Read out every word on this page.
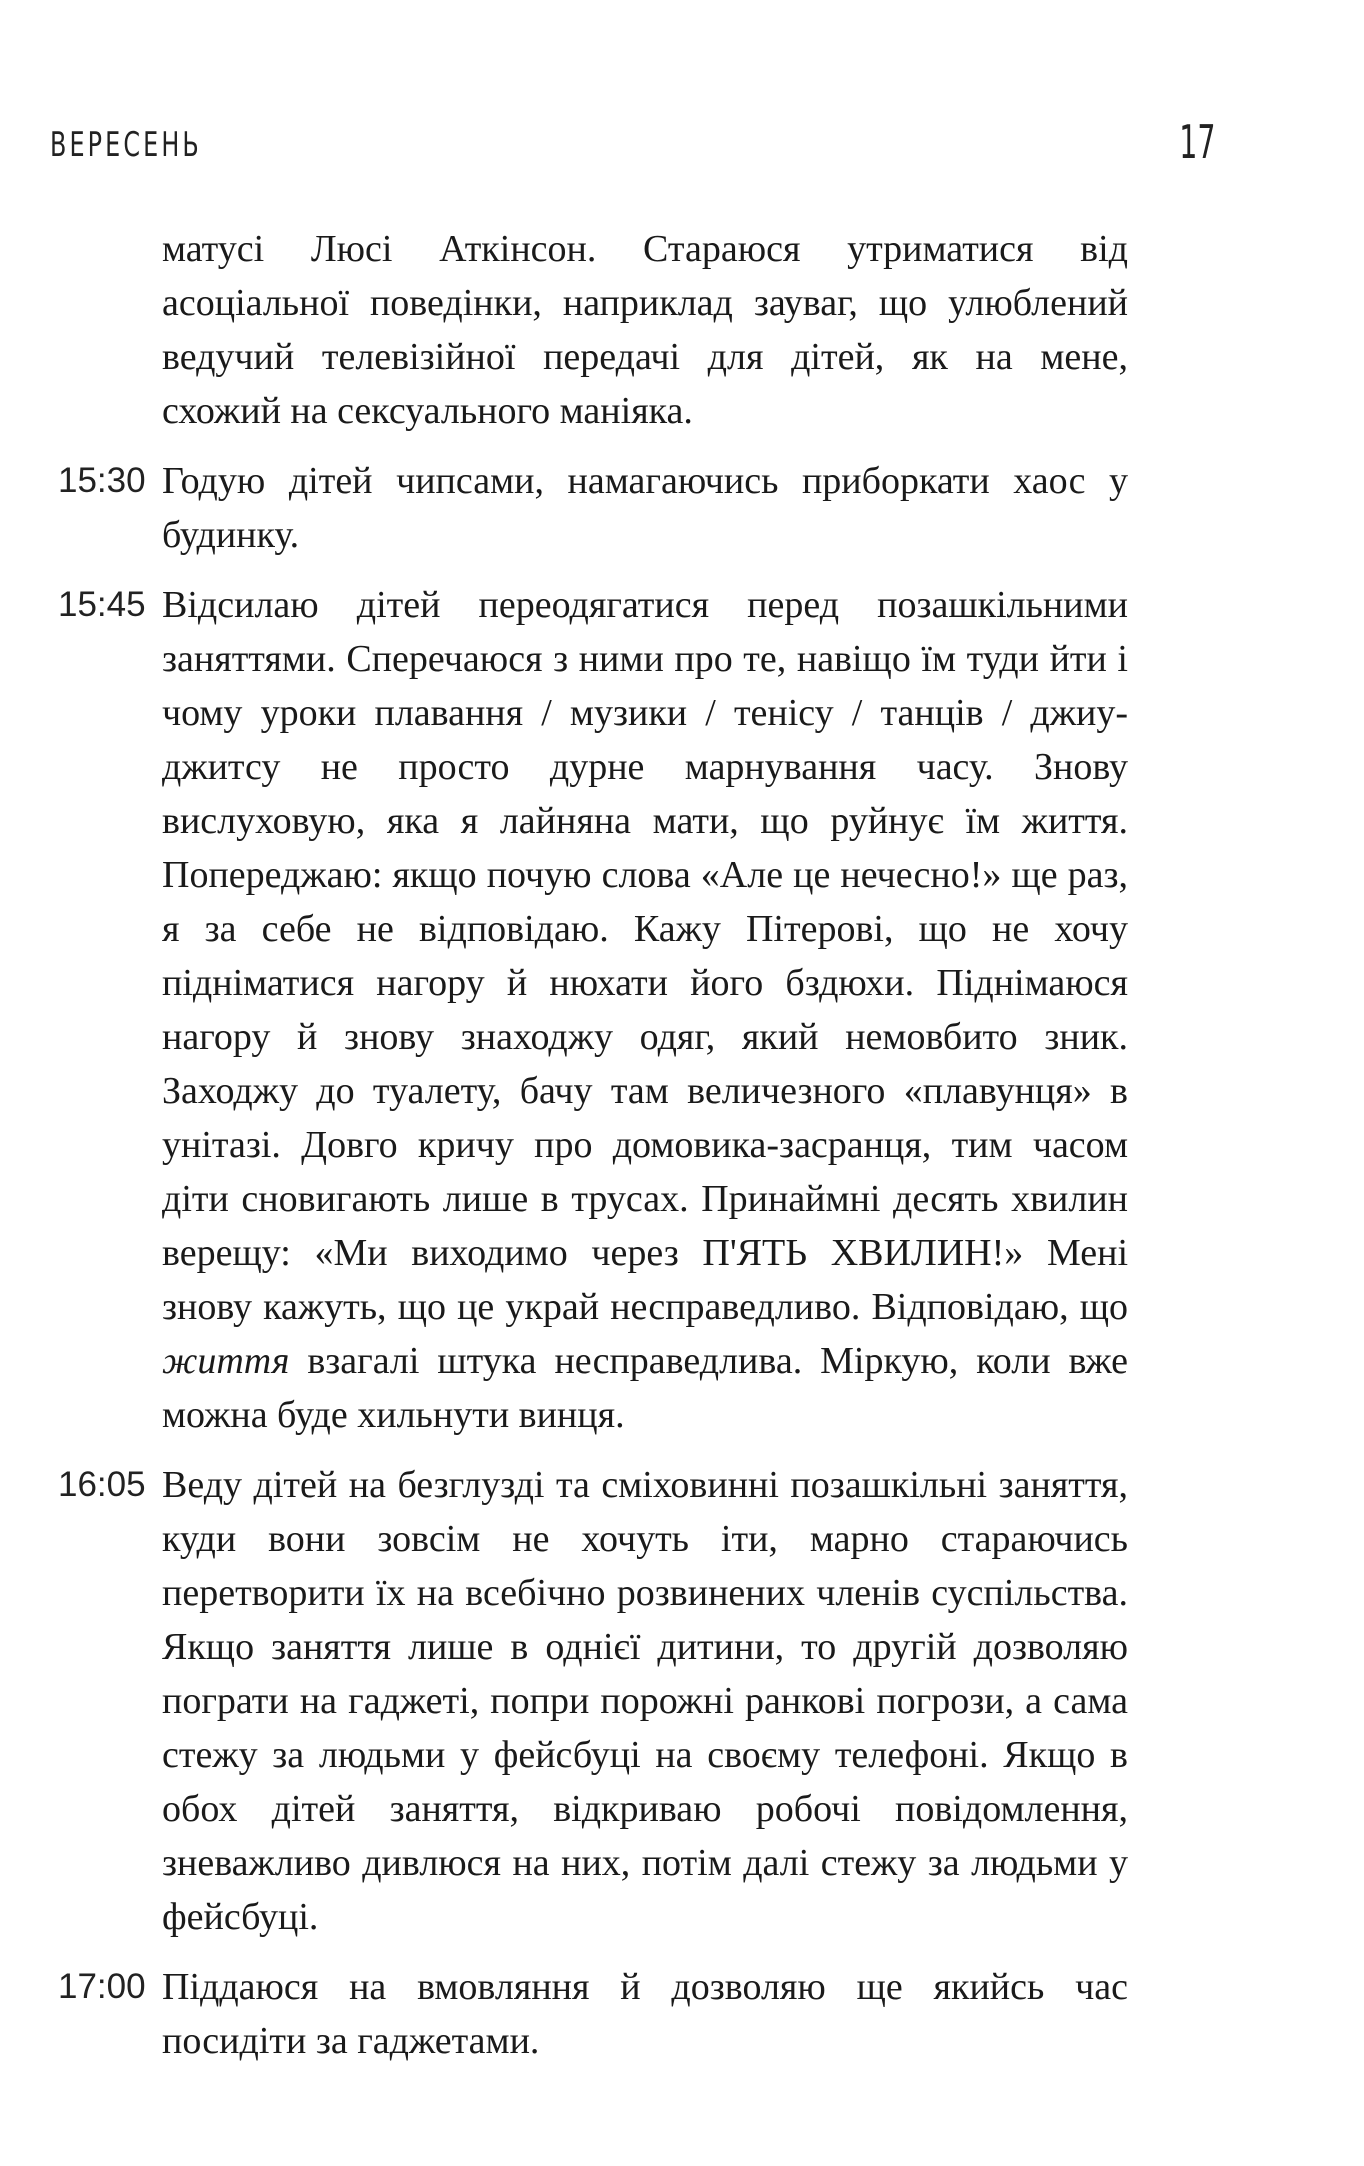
ВЕРЕСЕНЬ	17

матусі Люсі Аткінсон. Стараюся утриматися від асоціальної поведінки, наприклад зауваг, що улюблений ведучий телевізійної передачі для дітей, як на мене, схожий на сексуального маніяка.

15:30 Годую дітей чипсами, намагаючись приборкати хаос у будинку.

15:45 Відсилаю дітей переодягатися перед позашкільними заняттями. Сперечаюся з ними про те, навіщо їм туди йти і чому уроки плавання / музики / тенісу / танців / джиу-джитсу не просто дурне марнування часу. Знову вислуховую, яка я лайняна мати, що руйнує їм життя. Попереджаю: якщо почую слова «Але це нечесно!» ще раз, я за себе не відповідаю. Кажу Пітерові, що не хочу підніматися нагору й нюхати його бздюхи. Піднімаюся нагору й знову знаходжу одяг, який немовбито зник. Заходжу до туалету, бачу там величезного «плавунця» в унітазі. Довго кричу про домовика-засранця, тим часом діти сновигають лише в трусах. Принаймні десять хвилин верещу: «Ми виходимо через П'ЯТЬ ХВИЛИН!» Мені знову кажуть, що це украй несправедливо. Відповідаю, що життя взагалі штука несправедлива. Міркую, коли вже можна буде хильнути винця.

16:05 Веду дітей на безглузді та сміховинні позашкільні заняття, куди вони зовсім не хочуть іти, марно стараючись перетворити їх на всебічно розвинених членів суспільства. Якщо заняття лише в однієї дитини, то другій дозволяю пограти на гаджеті, попри порожні ранкові погрози, а сама стежу за людьми у фейсбуці на своєму телефоні. Якщо в обох дітей заняття, відкриваю робочі повідомлення, зневажливо дивлюся на них, потім далі стежу за людьми у фейсбуці.

17:00 Піддаюся на вмовляння й дозволяю ще якийсь час посидіти за гаджетами.
